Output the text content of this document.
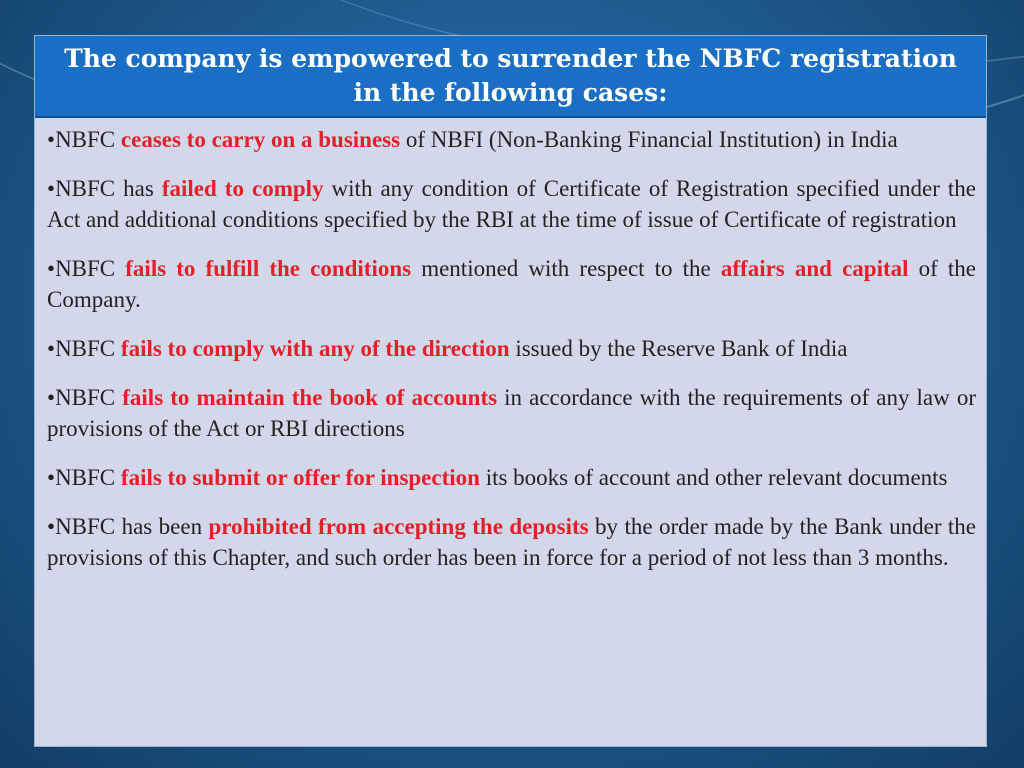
The company is empowered to surrender the NBFC registration in the following cases:

•NBFC ceases to carry on a business of NBFI (Non-Banking Financial Institution) in India

•NBFC has failed to comply with any condition of Certificate of Registration specified under the Act and additional conditions specified by the RBI at the time of issue of Certificate of registration

•NBFC fails to fulfill the conditions mentioned with respect to the affairs and capital of the Company.

•NBFC fails to comply with any of the direction issued by the Reserve Bank of India

•NBFC fails to maintain the book of accounts in accordance with the requirements of any law or provisions of the Act or RBI directions

•NBFC fails to submit or offer for inspection its books of account and other relevant documents

•NBFC has been prohibited from accepting the deposits by the order made by the Bank under the provisions of this Chapter, and such order has been in force for a period of not less than 3 months.
